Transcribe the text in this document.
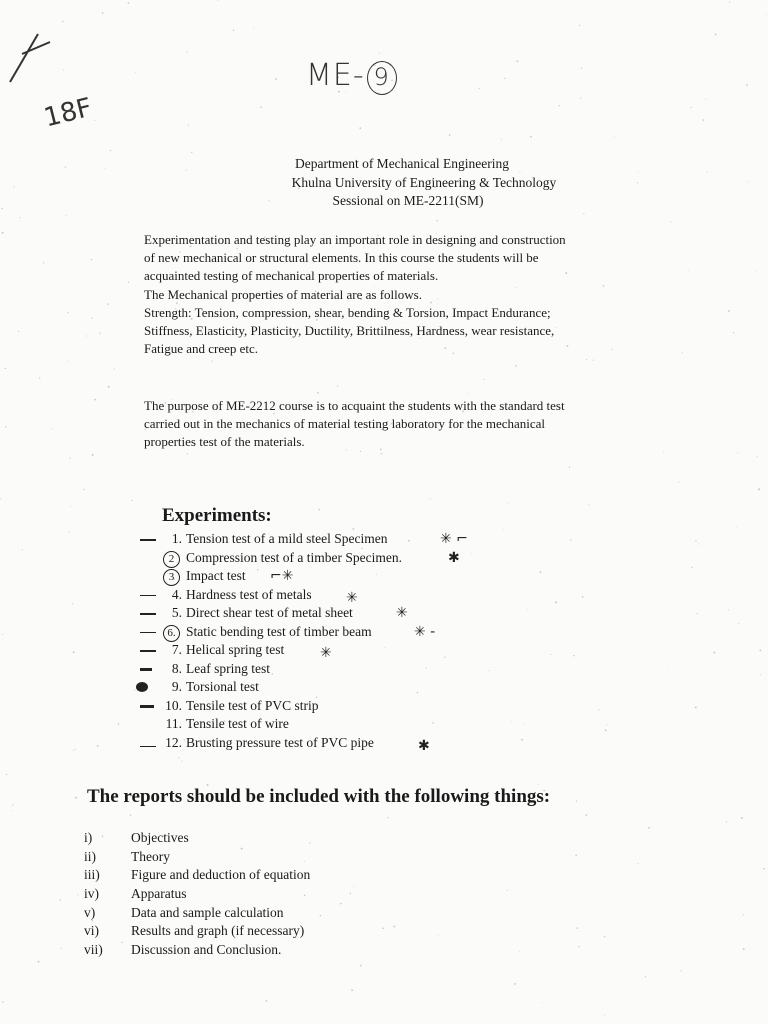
ME- 9
18F
Department of Mechanical Engineering
Khulna University of Engineering & Technology
Sessional on ME-2211(SM)

Experimentation and testing play an important role in designing and construction

of new mechanical or structural elements. In this course the students will be

acquainted testing of mechanical properties of materials.

The Mechanical properties of material are as follows.

Strength: Tension, compression, shear, bending & Torsion, Impact Endurance;

Stiffness, Elasticity, Plasticity, Ductility, Brittilness, Hardness, wear resistance,

Fatigue and creep etc.

The purpose of ME-2212 course is to acquaint the students with the standard test

carried out in the mechanics of material testing laboratory for the mechanical

properties test of the materials.

Experiments:
1. Tension test of a mild steel Specimen	✳ ⌐
2 Compression test of a timber Specimen.	✱
3 Impact test ⌐✳
4. Hardness test of metals ✳
5. Direct shear test of metal sheet	✳
6. Static bending test of timber beam	✳ -
7. Helical spring test	✳
8. Leaf spring test
9. Torsional test
10. Tensile test of PVC strip
11. Tensile test of wire
12. Brusting pressure test of PVC pipe	✱
The reports should be included with the following things:
i)	Objectives
ii)	Theory
iii)	Figure and deduction of equation
iv)	Apparatus
v)	Data and sample calculation
vi)	Results and graph (if necessary)
vii)	Discussion and Conclusion.
